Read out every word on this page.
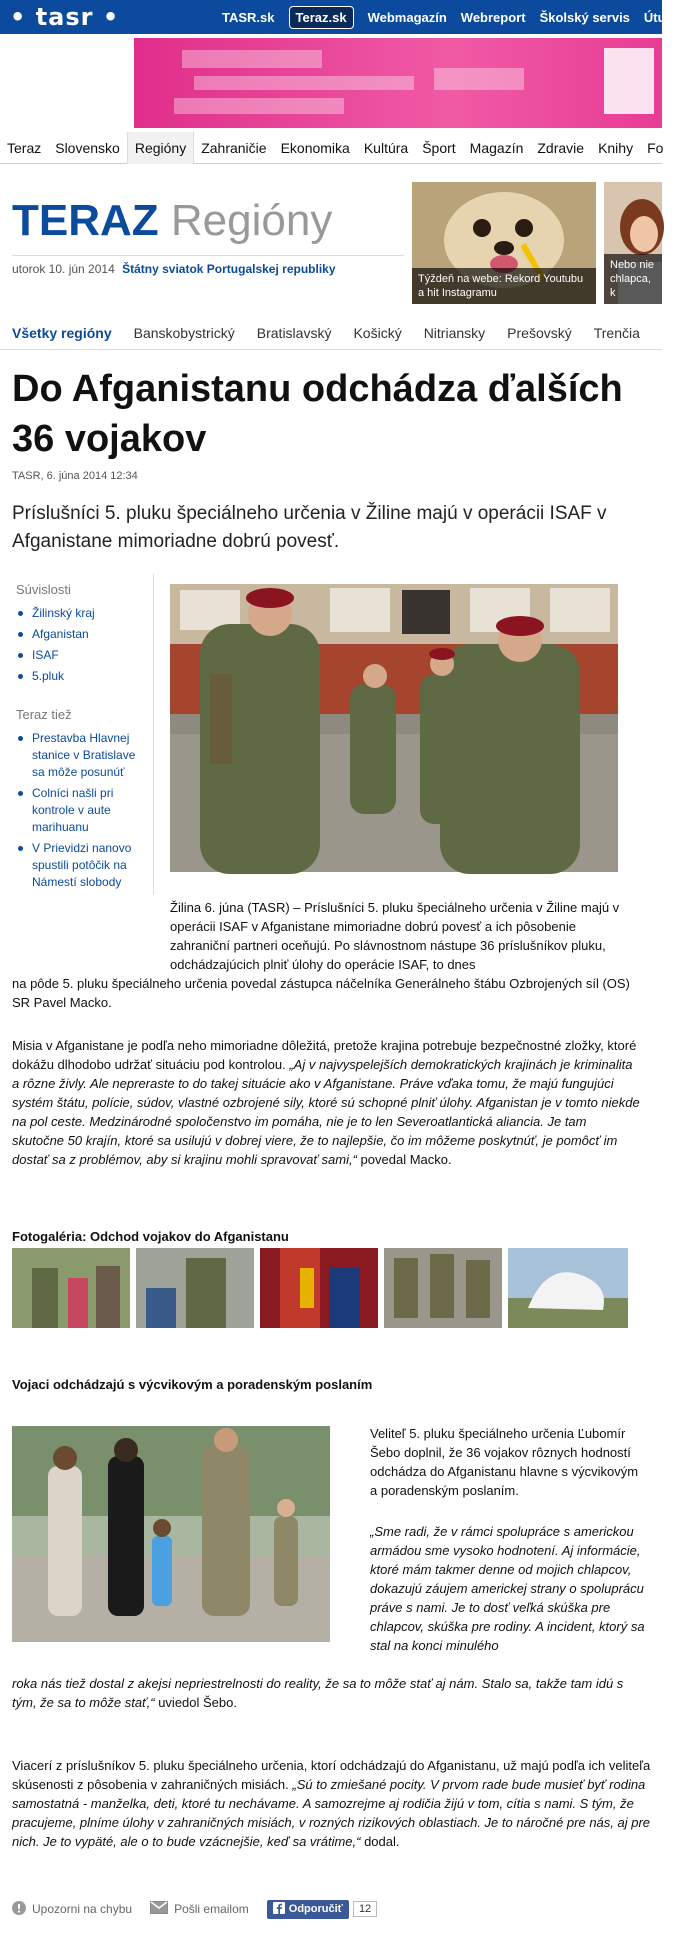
• tasr •	TASR.sk	Teraz.sk	Webmagazín Webreport Školský servis Útul
Teraz	Slovensko	Regióny	Zahraničie	Ekonomika	Kultúra	Šport	Magazín	Zdravie	Knihy	Fo
TERAZ Regióny
utorok 10. jún 2014 Štátny sviatok Portugalskej republiky
Týždeň na webe: Rekord Youtubu a hit Instagramu
Nebo nie chlapca, k
Všetky regióny	Banskobystrický	Bratislavský	Košický	Nitriansky	Prešovský	Trenčia
Do Afganistanu odchádza ďalších 36 vojakov
TASR, 6. júna 2014 12:34

Príslušníci 5. pluku špeciálneho určenia v Žiline majú v operácii ISAF v Afganistane mimoriadne dobrú povesť.

Súvislosti
Žilinský kraj
Afganistan
ISAF
5.pluk
Teraz tiež
Prestavba Hlavnej stanice v Bratislave sa môže posunúť
Colníci našli pri kontrole v aute marihuanu
V Prievidzi nanovo spustili potôčik na Námestí slobody

Žilina 6. júna (TASR) – Príslušníci 5. pluku špeciálneho určenia v Žiline majú v operácii ISAF v Afganistane mimoriadne dobrú povesť a ich pôsobenie zahraniční partneri oceňujú. Po slávnostnom nástupe 36 príslušníkov pluku, odchádzajúcich plniť úlohy do operácie ISAF, to dnes

na pôde 5. pluku špeciálneho určenia povedal zástupca náčelníka Generálneho štábu Ozbrojených síl (OS) SR Pavel Macko.

Misia v Afganistane je podľa neho mimoriadne dôležitá, pretože krajina potrebuje bezpečnostné zložky, ktoré dokážu dlhodobo udržať situáciu pod kontrolou. „Aj v najvyspelejších demokratických krajinách je kriminalita a rôzne živly. Ale nepreraste to do takej situácie ako v Afganistane. Práve vďaka tomu, že majú fungujúci systém štátu, polície, súdov, vlastné ozbrojené sily, ktoré sú schopné plniť úlohy. Afganistan je v tomto niekde na pol ceste. Medzinárodné spoločenstvo im pomáha, nie je to len Severoatlantická aliancia. Je tam skutočne 50 krajín, ktoré sa usilujú v dobrej viere, že to najlepšie, čo im môžeme poskytnúť, je pomôcť im dostať sa z problémov, aby si krajinu mohli spravovať sami,“ povedal Macko.

Fotogaléria: Odchod vojakov do Afganistanu
Vojaci odchádzajú s výcvikovým a poradenským poslaním

Veliteľ 5. pluku špeciálneho určenia Ľubomír Šebo doplnil, že 36 vojakov rôznych hodností odchádza do Afganistanu hlavne s výcvikovým a poradenským poslaním.

„Sme radi, že v rámci spolupráce s americkou armádou sme vysoko hodnotení. Aj informácie, ktoré mám takmer denne od mojich chlapcov, dokazujú záujem americkej strany o spoluprácu práve s nami. Je to dosť veľká skúška pre chlapcov, skúška pre rodiny. A incident, ktorý sa stal na konci minulého

roka nás tiež dostal z akejsi nepriestrelnosti do reality, že sa to môže stať aj nám. Stalo sa, takže tam idú s tým, že sa to môže stať,“ uviedol Šebo.

Viacerí z príslušníkov 5. pluku špeciálneho určenia, ktorí odchádzajú do Afganistanu, už majú podľa ich veliteľa skúsenosti z pôsobenia v zahraničných misiách. „Sú to zmiešané pocity. V prvom rade bude musieť byť rodina samostatná - manželka, deti, ktoré tu nechávame. A samozrejme aj rodičia žijú v tom, cítia s nami. S tým, že pracujeme, plníme úlohy v zahraničných misiách, v rozných rizikových oblastiach. Je to náročné pre nás, aj pre nich. Je to vypäté, ale o to bude vzácnejšie, keď sa vrátime,“ dodal.

Upozorni na chybu	Pošli emailom	Odporučiť	12
